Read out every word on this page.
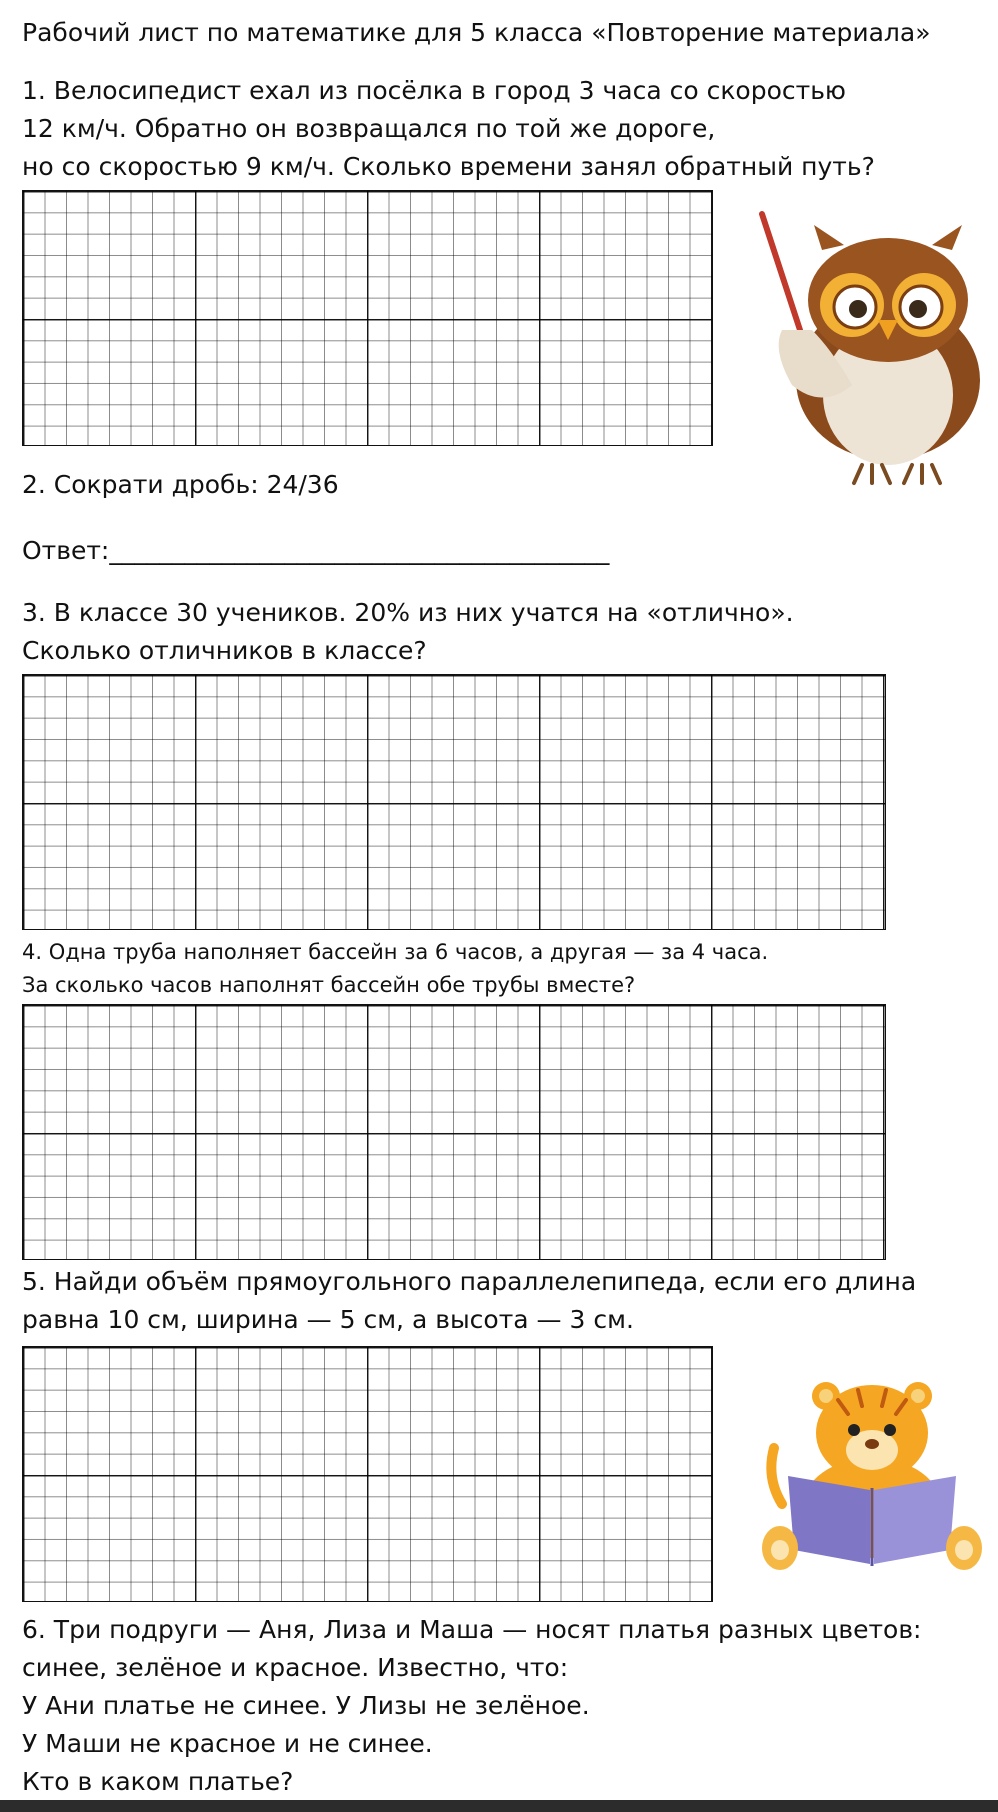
Рабочий лист по математике для 5 класса «Повторение материала»
1. Велосипедист ехал из посёлка в город 3 часа со скоростью
12 км/ч. Обратно он возвращался по той же дороге,
но со скоростью 9 км/ч. Сколько времени занял обратный путь?
2. Сократи дробь: 24/36
Ответ:________________________________________
3. В классе 30 учеников. 20% из них учатся на «отлично».
Сколько отличников в классе?
4. Одна труба наполняет бассейн за 6 часов, а другая — за 4 часа.
За сколько часов наполнят бассейн обе трубы вместе?
5. Найди объём прямоугольного параллелепипеда, если его длина
равна 10 см, ширина — 5 см, а высота — 3 см.
6. Три подруги — Аня, Лиза и Маша — носят платья разных цветов:
синее, зелёное и красное. Известно, что:
У Ани платье не синее. У Лизы не зелёное.
У Маши не красное и не синее.
Кто в каком платье?
